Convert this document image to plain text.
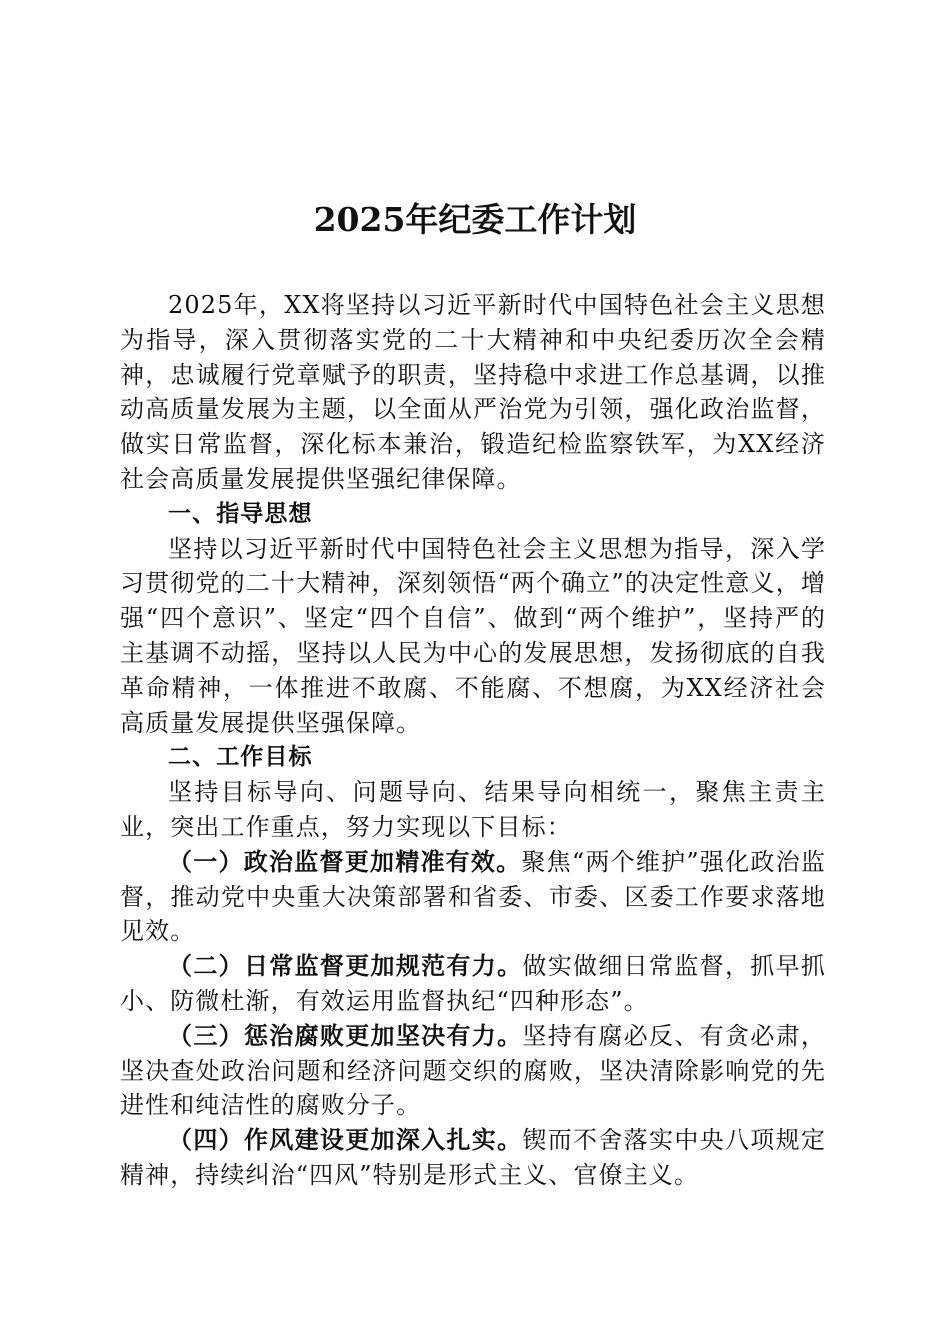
2025年纪委工作计划

2025年，XX将坚持以习近平新时代中国特色社会主义思想为指导，深入贯彻落实党的二十大精神和中央纪委历次全会精神，忠诚履行党章赋予的职责，坚持稳中求进工作总基调，以推动高质量发展为主题，以全面从严治党为引领，强化政治监督，做实日常监督，深化标本兼治，锻造纪检监察铁军，为XX经济社会高质量发展提供坚强纪律保障。

一、指导思想

坚持以习近平新时代中国特色社会主义思想为指导，深入学习贯彻党的二十大精神，深刻领悟“两个确立”的决定性意义，增强“四个意识”、坚定“四个自信”、做到“两个维护”，坚持严的主基调不动摇，坚持以人民为中心的发展思想，发扬彻底的自我革命精神，一体推进不敢腐、不能腐、不想腐，为XX经济社会高质量发展提供坚强保障。

二、工作目标

坚持目标导向、问题导向、结果导向相统一，聚焦主责主业，突出工作重点，努力实现以下目标：

（一）政治监督更加精准有效。聚焦“两个维护”强化政治监督，推动党中央重大决策部署和省委、市委、区委工作要求落地见效。

（二）日常监督更加规范有力。做实做细日常监督，抓早抓小、防微杜渐，有效运用监督执纪“四种形态”。

（三）惩治腐败更加坚决有力。坚持有腐必反、有贪必肃，坚决查处政治问题和经济问题交织的腐败，坚决清除影响党的先进性和纯洁性的腐败分子。

（四）作风建设更加深入扎实。锲而不舍落实中央八项规定精神，持续纠治“四风”特别是形式主义、官僚主义。
